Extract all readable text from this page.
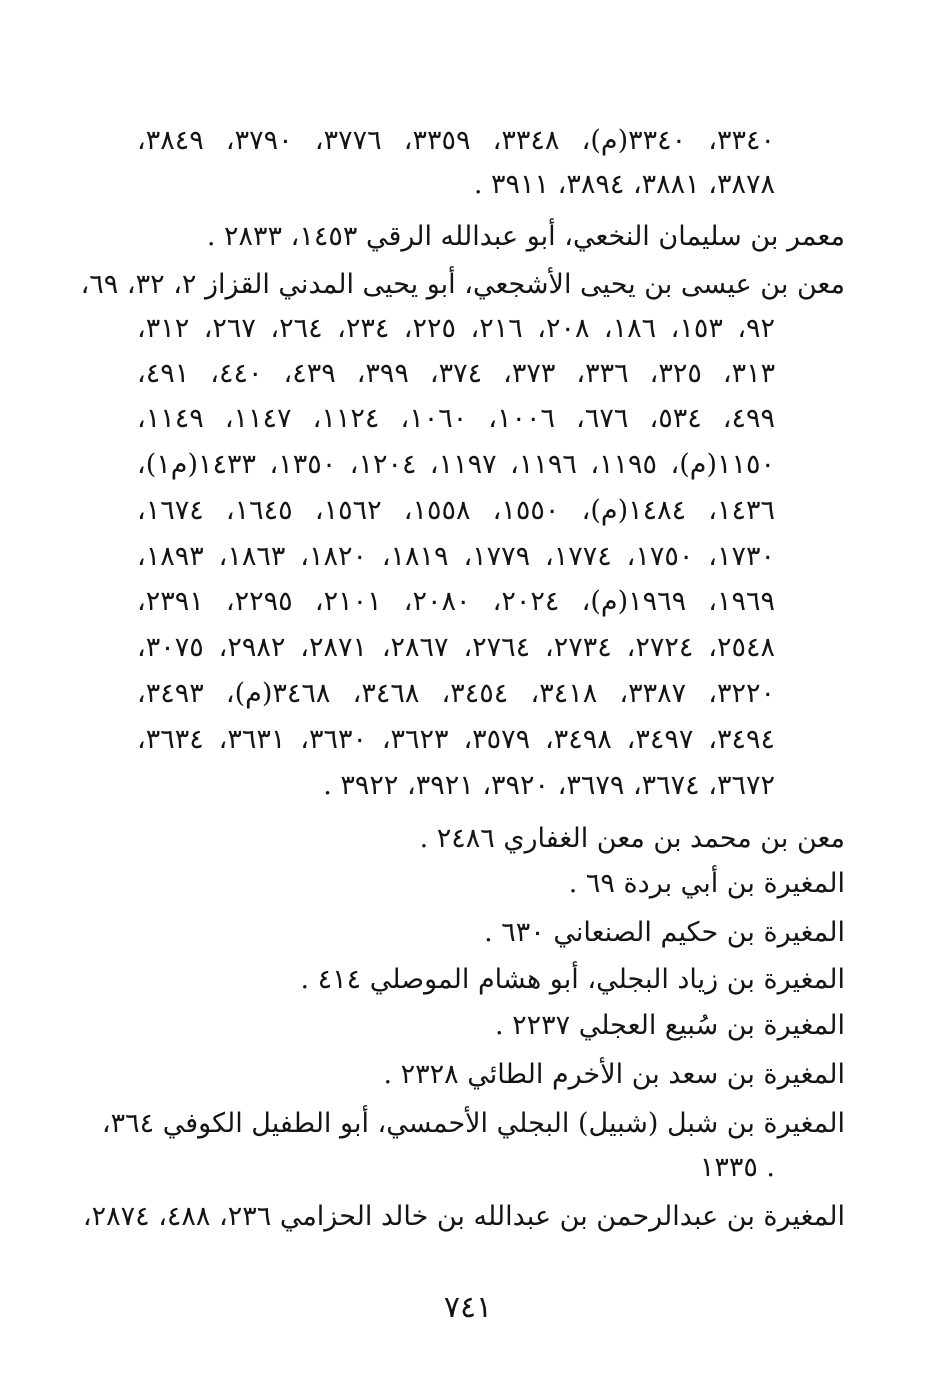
٣٣٤٠، ٣٣٤٠(م)، ٣٣٤٨، ٣٣٥٩، ٣٧٧٦، ٣٧٩٠، ٣٨٤٩،
٣٨٧٨، ٣٨٨١، ٣٨٩٤، ٣٩١١ .
معمر بن سليمان النخعي، أبو عبدالله الرقي ١٤٥٣، ٢٨٣٣ .
معن بن عيسى بن يحيى الأشجعي، أبو يحيى المدني القزاز ٢، ٣٢، ٦٩،
٩٢، ١٥٣، ١٨٦، ٢٠٨، ٢١٦، ٢٢٥، ٢٣٤، ٢٦٤، ٢٦٧، ٣١٢،
٣١٣، ٣٢٥، ٣٣٦، ٣٧٣، ٣٧٤، ٣٩٩، ٤٣٩، ٤٤٠، ٤٩١،
٤٩٩، ٥٣٤، ٦٧٦، ١٠٠٦، ١٠٦٠، ١١٢٤، ١١٤٧، ١١٤٩،
١١٥٠(م)، ١١٩٥، ١١٩٦، ١١٩٧، ١٢٠٤، ١٣٥٠، ١٤٣٣(م١)،
١٤٣٦، ١٤٨٤(م)، ١٥٥٠، ١٥٥٨، ١٥٦٢، ١٦٤٥، ١٦٧٤،
١٧٣٠، ١٧٥٠، ١٧٧٤، ١٧٧٩، ١٨١٩، ١٨٢٠، ١٨٦٣، ١٨٩٣،
١٩٦٩، ١٩٦٩(م)، ٢٠٢٤، ٢٠٨٠، ٢١٠١، ٢٢٩٥، ٢٣٩١،
٢٥٤٨، ٢٧٢٤، ٢٧٣٤، ٢٧٦٤، ٢٨٦٧، ٢٨٧١، ٢٩٨٢، ٣٠٧٥،
٣٢٢٠، ٣٣٨٧، ٣٤١٨، ٣٤٥٤، ٣٤٦٨، ٣٤٦٨(م)، ٣٤٩٣،
٣٤٩٤، ٣٤٩٧، ٣٤٩٨، ٣٥٧٩، ٣٦٢٣، ٣٦٣٠، ٣٦٣١، ٣٦٣٤،
٣٦٧٢، ٣٦٧٤، ٣٦٧٩، ٣٩٢٠، ٣٩٢١، ٣٩٢٢ .
معن بن محمد بن معن الغفاري ٢٤٨٦ .
المغيرة بن أبي بردة ٦٩ .
المغيرة بن حكيم الصنعاني ٦٣٠ .
المغيرة بن زياد البجلي، أبو هشام الموصلي ٤١٤ .
المغيرة بن سُبيع العجلي ٢٢٣٧ .
المغيرة بن سعد بن الأخرم الطائي ٢٣٢٨ .
المغيرة بن شبل (شبيل) البجلي الأحمسي، أبو الطفيل الكوفي ٣٦٤،
. ١٣٣٥
المغيرة بن عبدالرحمن بن عبدالله بن خالد الحزامي ٢٣٦، ٤٨٨، ٢٨٧٤،
٧٤١
